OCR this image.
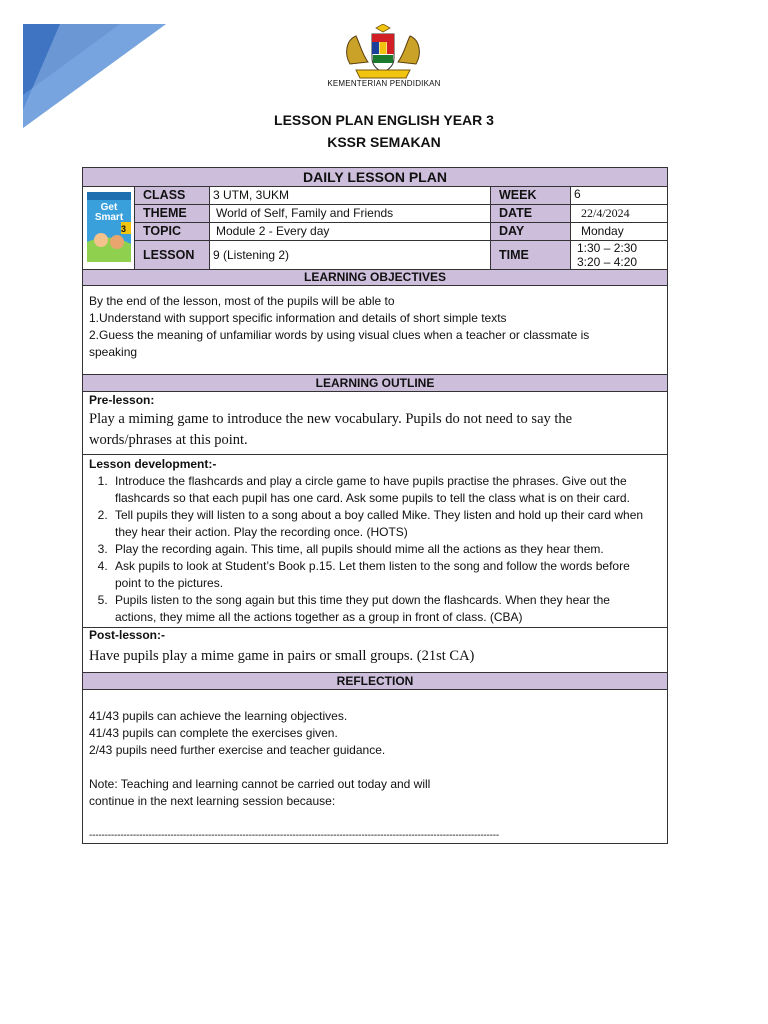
KEMENTERIAN PENDIDIKAN
LESSON PLAN ENGLISH YEAR 3
KSSR SEMAKAN
DAILY LESSON PLAN
Get Smart
3
CLASS	3 UTM, 3UKM	WEEK	6
THEME	World of Self, Family and Friends	DATE	22/4/2024
TOPIC	Module 2 - Every day	DAY	Monday
LESSON	9 (Listening 2)	TIME	1:30 – 2:30
3:20 – 4:20
LEARNING OBJECTIVES
By the end of the lesson, most of the pupils will be able to
1.Understand with support specific information and details of short simple texts
2.Guess the meaning of unfamiliar words by using visual clues when a teacher or classmate is
speaking
LEARNING OUTLINE
Pre-lesson:
Play a miming game to introduce the new vocabulary. Pupils do not need to say the
words/phrases at this point.
Lesson development:-
1. Introduce the flashcards and play a circle game to have pupils practise the phrases. Give out the flashcards so that each pupil has one card. Ask some pupils to tell the class what is on their card.
2. Tell pupils they will listen to a song about a boy called Mike. They listen and hold up their card when they hear their action. Play the recording once. (HOTS)
3. Play the recording again. This time, all pupils should mime all the actions as they hear them.
4. Ask pupils to look at Student’s Book p.15. Let them listen to the song and follow the words before point to the pictures.
5. Pupils listen to the song again but this time they put down the flashcards. When they hear the actions, they mime all the actions together as a group in front of class. (CBA)
Post-lesson:-
Have pupils play a mime game in pairs or small groups. (21st CA)
REFLECTION
41/43 pupils can achieve the learning objectives.
41/43 pupils can complete the exercises given.
2/43 pupils need further exercise and teacher guidance.
Note: Teaching and learning cannot be carried out today and will
continue in the next learning session because:
-----------------------------------------------------------------------------------------------------------------------------------
